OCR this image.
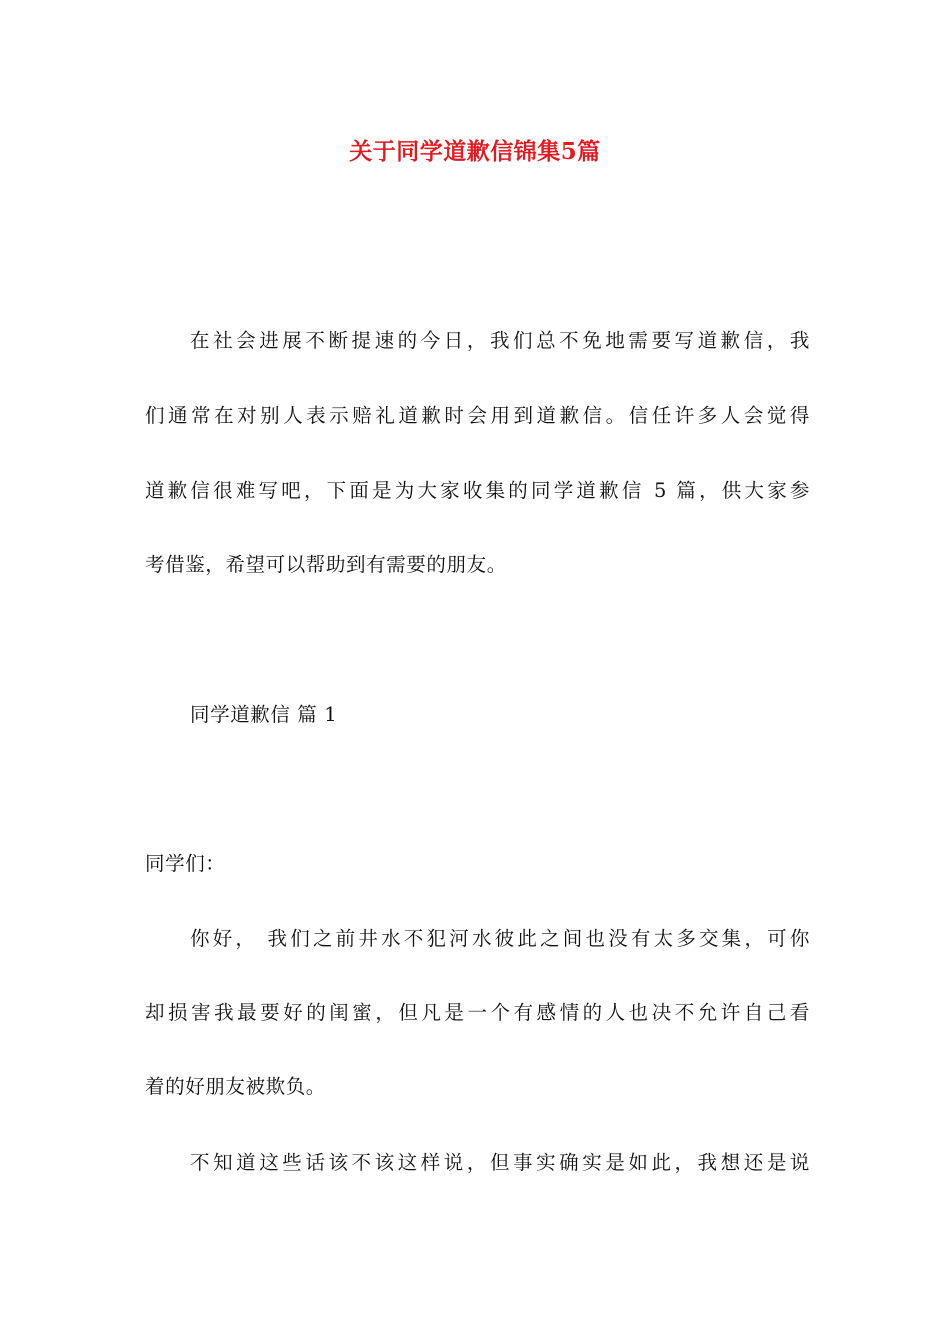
关于同学道歉信锦集5篇
在社会进展不断提速的今日，我们总不免地需要写道歉信，我
们通常在对别人表示赔礼道歉时会用到道歉信。信任许多人会觉得
道歉信很难写吧，下面是为大家收集的同学道歉信 5 篇，供大家参
考借鉴，希望可以帮助到有需要的朋友。
同学道歉信 篇 1
同学们：
你好， 我们之前井水不犯河水彼此之间也没有太多交集，可你
却损害我最要好的闺蜜，但凡是一个有感情的人也决不允许自己看
着的好朋友被欺负。
不知道这些话该不该这样说，但事实确实是如此，我想还是说
